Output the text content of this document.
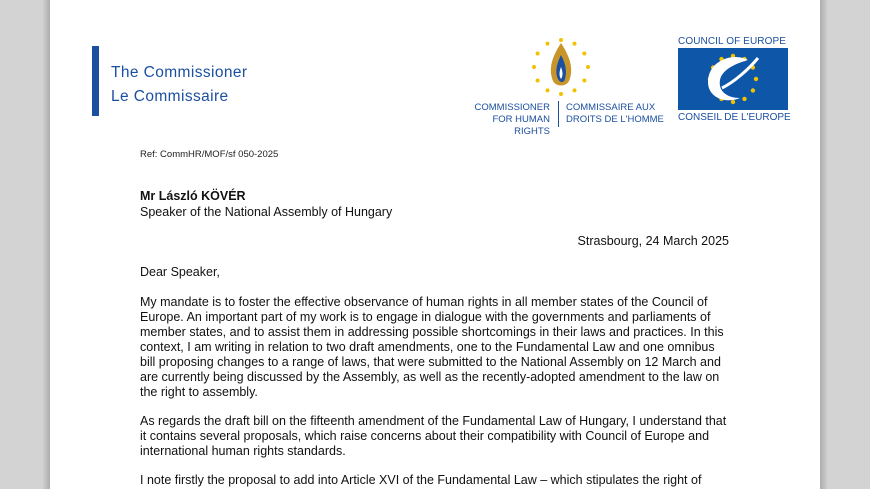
The Commissioner
Le Commissaire
COMMISSIONER
FOR HUMAN RIGHTS
COMMISSAIRE AUX
DROITS DE L'HOMME
COUNCIL OF EUROPE
CONSEIL DE L'EUROPE
Ref: CommHR/MOF/sf 050-2025
Mr László KÖVÉR
Speaker of the National Assembly of Hungary
Strasbourg, 24 March 2025
Dear Speaker,

My mandate is to foster the effective observance of human rights in all member states of the Council of Europe. An important part of my work is to engage in dialogue with the governments and parliaments of member states, and to assist them in addressing possible shortcomings in their laws and practices. In this context, I am writing in relation to two draft amendments, one to the Fundamental Law and one omnibus bill proposing changes to a range of laws, that were submitted to the National Assembly on 12 March and are currently being discussed by the Assembly, as well as the recently-adopted amendment to the law on the right to assembly.

As regards the draft bill on the fifteenth amendment of the Fundamental Law of Hungary, I understand that it contains several proposals, which raise concerns about their compatibility with Council of Europe and international human rights standards.

I note firstly the proposal to add into Article XVI of the Fundamental Law – which stipulates the right of
